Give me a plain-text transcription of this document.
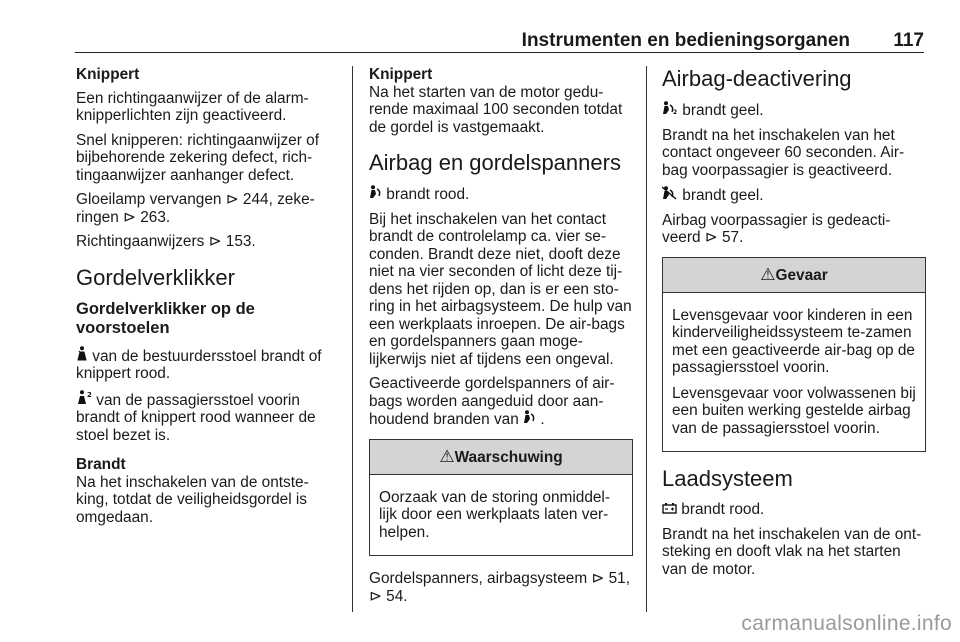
Instrumenten en bedieningsorganen 117
Knippert

Een richtingaanwijzer of de alarm-knipperlichten zijn geactiveerd.

Snel knipperen: richtingaanwijzer of bijbehorende zekering defect, rich-tingaanwijzer aanhanger defect.

Gloeilamp vervangen ⊳ 244, zeke-ringen ⊳ 263.

Richtingaanwijzers ⊳ 153.

Gordelverklikker
Gordelverklikker op de voorstoelen

van de bestuurdersstoel brandt of knippert rood.

2 van de passagiersstoel voorin brandt of knippert rood wanneer de stoel bezet is.

Brandt

Na het inschakelen van de ontste-king, totdat de veiligheidsgordel is omgedaan.

Knippert

Na het starten van de motor gedu-rende maximaal 100 seconden totdat de gordel is vastgemaakt.

Airbag en gordelspanners

brandt rood.

Bij het inschakelen van het contact brandt de controlelamp ca. vier se-conden. Brandt deze niet, dooft deze niet na vier seconden of licht deze tij-dens het rijden op, dan is er een sto-ring in het airbagsysteem. De hulp van een werkplaats inroepen. De air-bags en gordelspanners gaan moge-lijkerwijs niet af tijdens een ongeval.

Geactiveerde gordelspanners of air-bags worden aangeduid door aan-houdend branden van .

⚠Waarschuwing

Oorzaak van de storing onmiddel-lijk door een werkplaats laten ver-helpen.

Gordelspanners, airbagsysteem ⊳ 51, ⊳ 54.

Airbag-deactivering

2 brandt geel.

Brandt na het inschakelen van het contact ongeveer 60 seconden. Air-bag voorpassagier is geactiveerd.

brandt geel.

Airbag voorpassagier is gedeacti-veerd ⊳ 57.

⚠Gevaar

Levensgevaar voor kinderen in een kinderveiligheidssysteem te-zamen met een geactiveerde air-bag op de passagiersstoel voorin.

Levensgevaar voor volwassenen bij een buiten werking gestelde airbag van de passagiersstoel voorin.

Laadsysteem

brandt rood.

Brandt na het inschakelen van de ont-steking en dooft vlak na het starten van de motor.

carmanualsonline.info
